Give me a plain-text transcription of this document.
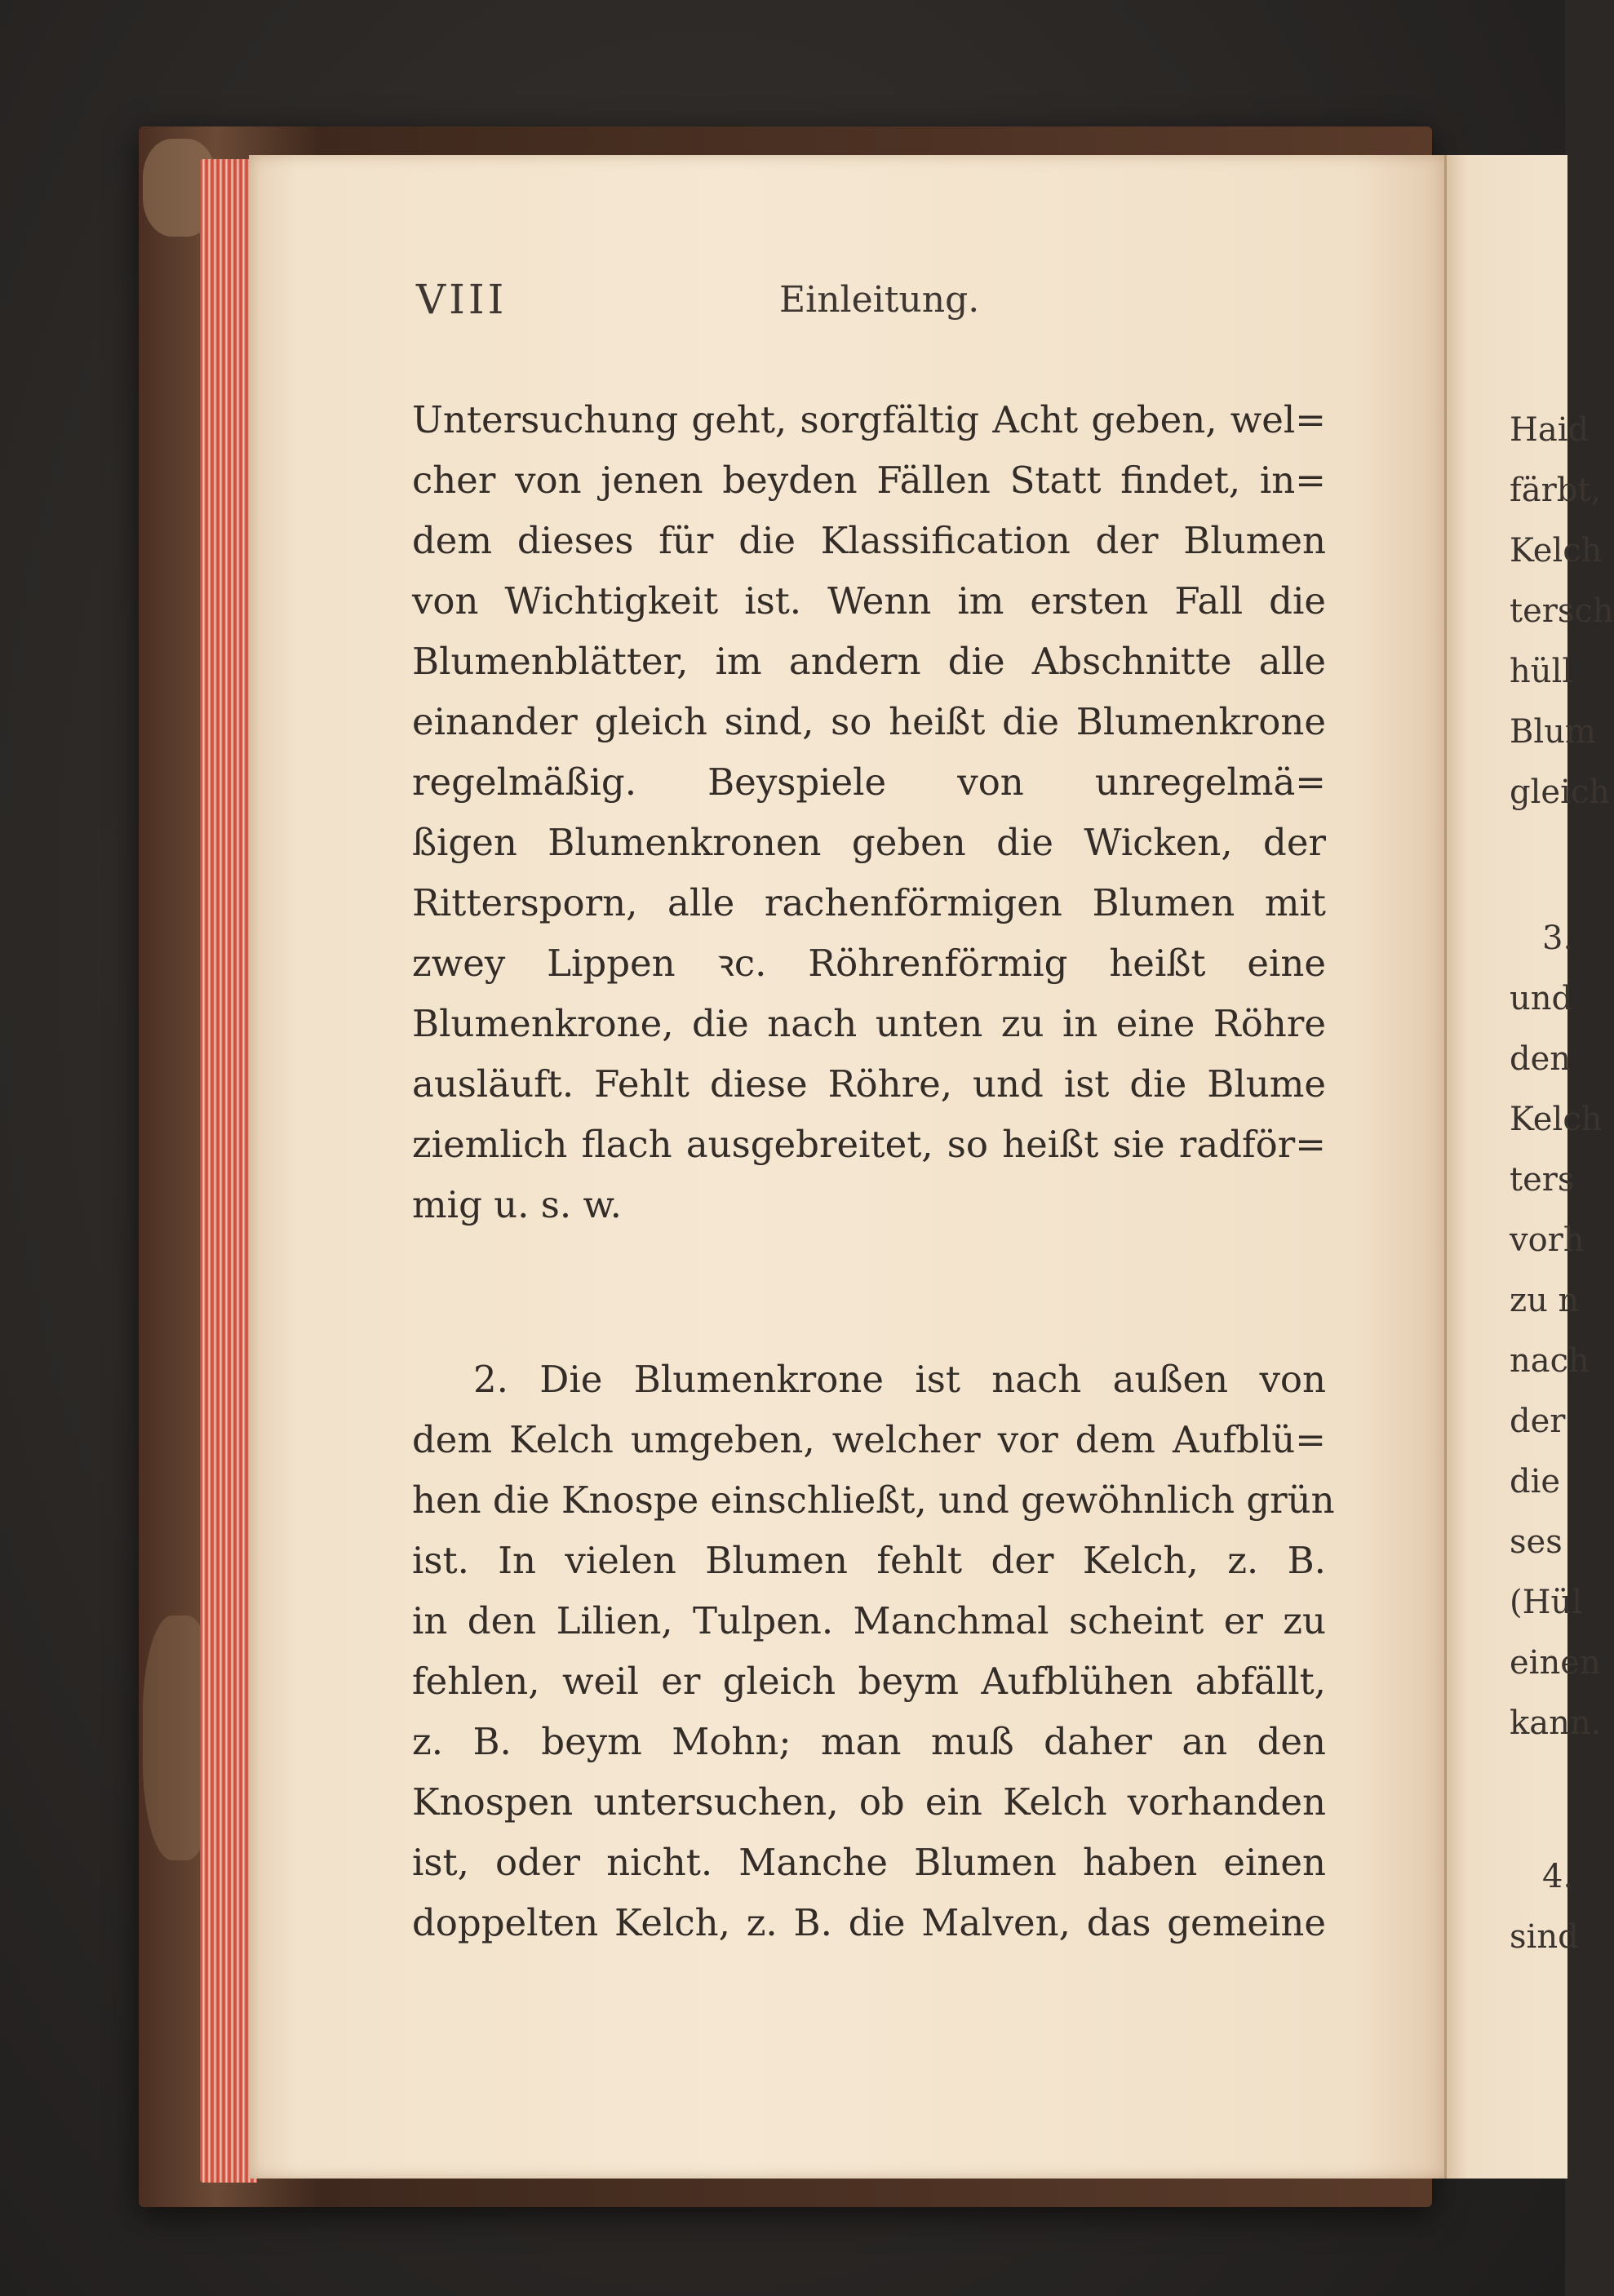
VIII	Einleitung.
Untersuchung geht, sorgfältig Acht geben, wel=
cher von jenen beyden Fällen Statt findet, in=
dem dieses für die Klassification der Blumen
von Wichtigkeit ist. Wenn im ersten Fall die
Blumenblätter, im andern die Abschnitte alle
einander gleich sind, so heißt die Blumenkrone
regelmäßig. Beyspiele von unregelmä=
ßigen Blumenkronen geben die Wicken, der
Rittersporn, alle rachenförmigen Blumen mit
zwey Lippen ꝛc. Röhrenförmig heißt eine
Blumenkrone, die nach unten zu in eine Röhre
ausläuft. Fehlt diese Röhre, und ist die Blume
ziemlich flach ausgebreitet, so heißt sie radför=
mig u. s. w.
2. Die Blumenkrone ist nach außen von
dem Kelch umgeben, welcher vor dem Aufblü=
hen die Knospe einschließt, und gewöhnlich grün
ist. In vielen Blumen fehlt der Kelch, z. B.
in den Lilien, Tulpen. Manchmal scheint er zu
fehlen, weil er gleich beym Aufblühen abfällt,
z. B. beym Mohn; man muß daher an den
Knospen untersuchen, ob ein Kelch vorhanden
ist, oder nicht. Manche Blumen haben einen
doppelten Kelch, z. B. die Malven, das gemeine
Haid
färbt,
Kelch
tersch
hüll
Blum
gleich
3.
und
den
Kelch
ters
vorh
zu n
nach
der
die
ses
(Hül
einen
kann.
4.
sind
